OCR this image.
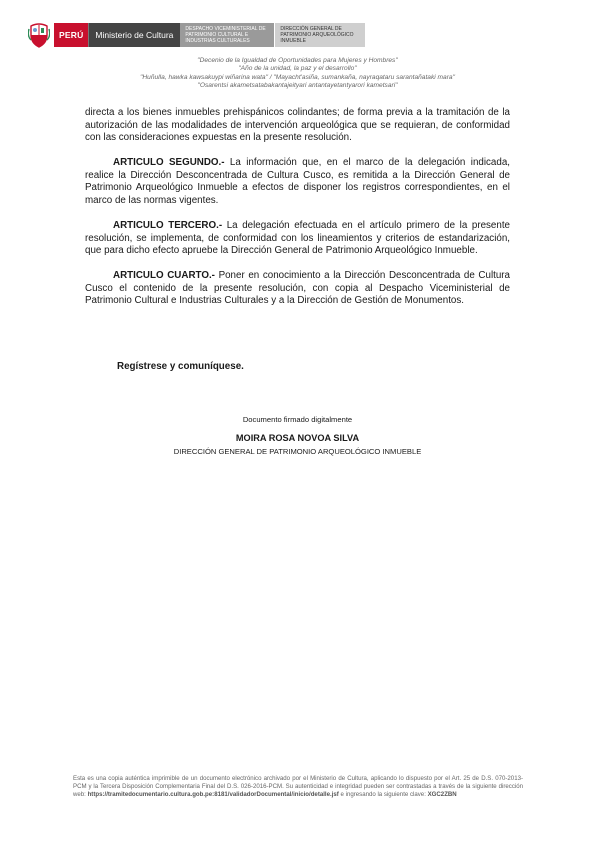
PERÚ	Ministerio de Cultura
DESPACHO VICEMINISTERIAL DE PATRIMONIO CULTURAL E INDUSTRIAS CULTURALES
DIRECCIÓN GENERAL DE PATRIMONIO ARQUEOLÓGICO INMUEBLE
"Decenio de la Igualdad de Oportunidades para Mujeres y Hombres"
"Año de la unidad, la paz y el desarrollo"
"Huñulla, hawka kawsakuypi wiñarina wata" / "Mayacht'asiña, sumankaña, nayraqataru sarantañataki mara"
"Osarentsi akametsatabakantajeityari antantayetantyarori kametsari"

directa a los bienes inmuebles prehispánicos colindantes; de forma previa a la tramitación de la autorización de las modalidades de intervención arqueológica que se requieran, de conformidad con las consideraciones expuestas en la presente resolución.

ARTICULO SEGUNDO.- La información que, en el marco de la delegación indicada, realice la Dirección Desconcentrada de Cultura Cusco, es remitida a la Dirección General de Patrimonio Arqueológico Inmueble a efectos de disponer los registros correspondientes, en el marco de las normas vigentes.

ARTICULO TERCERO.- La delegación efectuada en el artículo primero de la presente resolución, se implementa, de conformidad con los lineamientos y criterios de estandarización, que para dicho efecto apruebe la Dirección General de Patrimonio Arqueológico Inmueble.

ARTICULO CUARTO.- Poner en conocimiento a la Dirección Desconcentrada de Cultura Cusco el contenido de la presente resolución, con copia al Despacho Viceministerial de Patrimonio Cultural e Industrias Culturales y a la Dirección de Gestión de Monumentos.

Regístrese y comuníquese.
Documento firmado digitalmente
MOIRA ROSA NOVOA SILVA
DIRECCIÓN GENERAL DE PATRIMONIO ARQUEOLÓGICO INMUEBLE
Esta es una copia auténtica imprimible de un documento electrónico archivado por el Ministerio de Cultura, aplicando lo dispuesto por el Art. 25 de D.S. 070-2013-PCM y la Tercera Disposición Complementaria Final del D.S. 026-2016-PCM. Su autenticidad e integridad pueden ser contrastadas a través de la siguiente dirección web: https://tramitedocumentario.cultura.gob.pe:8181/validadorDocumental/inicio/detalle.jsf e ingresando la siguiente clave: XGC2ZBN
